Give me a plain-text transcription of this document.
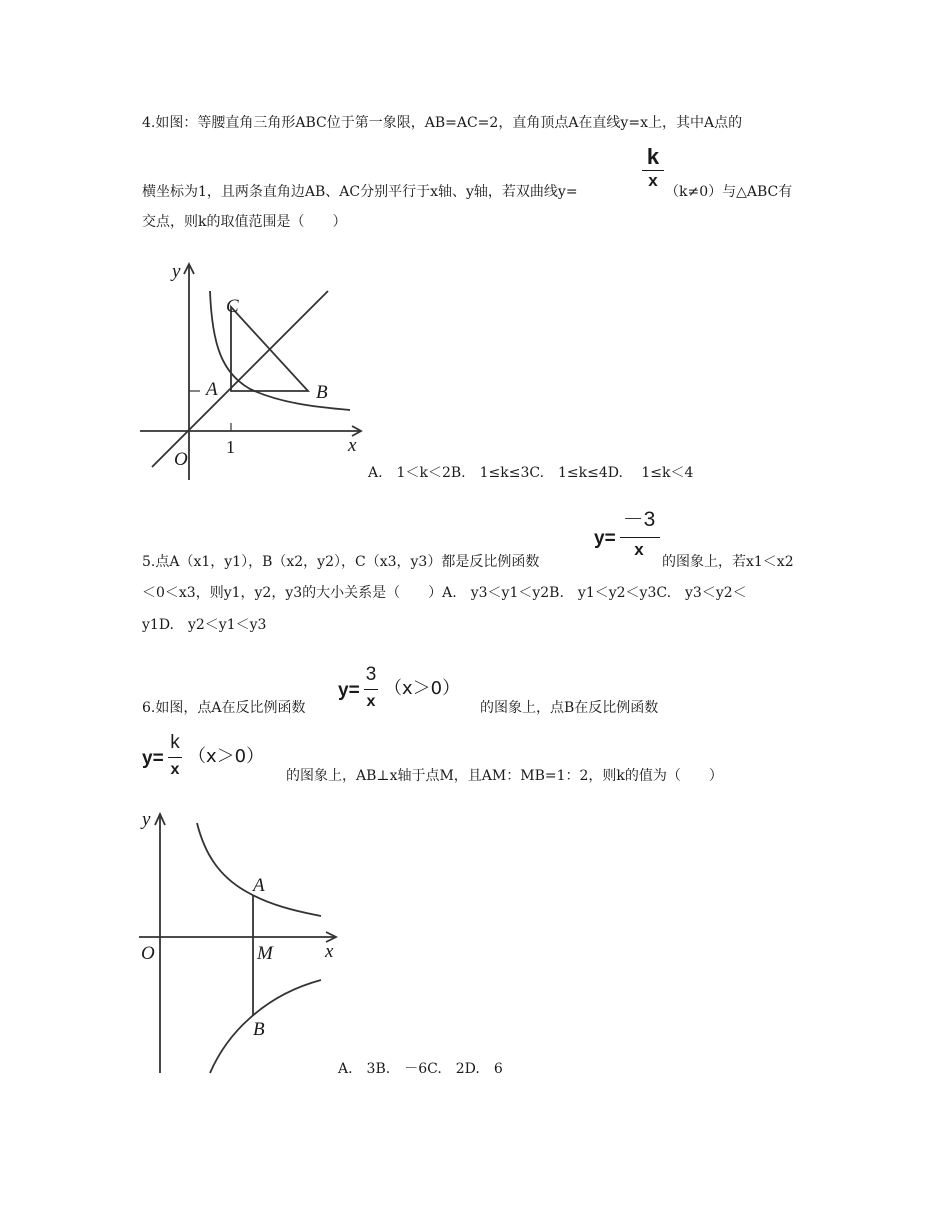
4.如图：等腰直角三角形ABC位于第一象限，AB=AC=2，直角顶点A在直线y=x上，其中A点的
k
x
横坐标为1，且两条直角边AB、AC分别平行于x轴、y轴，若双曲线y=	（k≠0）与△ABC有
交点，则k的取值范围是（　　）
y
C
A	B
O
x
1
A.　1＜k＜2B.　1≤k≤3C.　1≤k≤4D.　 1≤k＜4
y=
－3
x
5.点A（x1，y1），B（x2，y2），C（x3，y3）都是反比例函数	的图象上，若x1＜x2
＜0＜x3，则y1，y2，y3的大小关系是（　　）A.　y3＜y1＜y2B.　y1＜y2＜y3C.　y3＜y2＜
y1D.　y2＜y1＜y3
6.如图，点A在反比例函数
y=
3
x
（x＞0）
的图象上，点B在反比例函数
y=
k
x
（x＞0）
的图象上，AB⊥x轴于点M，且AM：MB=1：2，则k的值为（　　）
y
A
O	M	x
B
A.　3B.　－6C.　2D.　6
